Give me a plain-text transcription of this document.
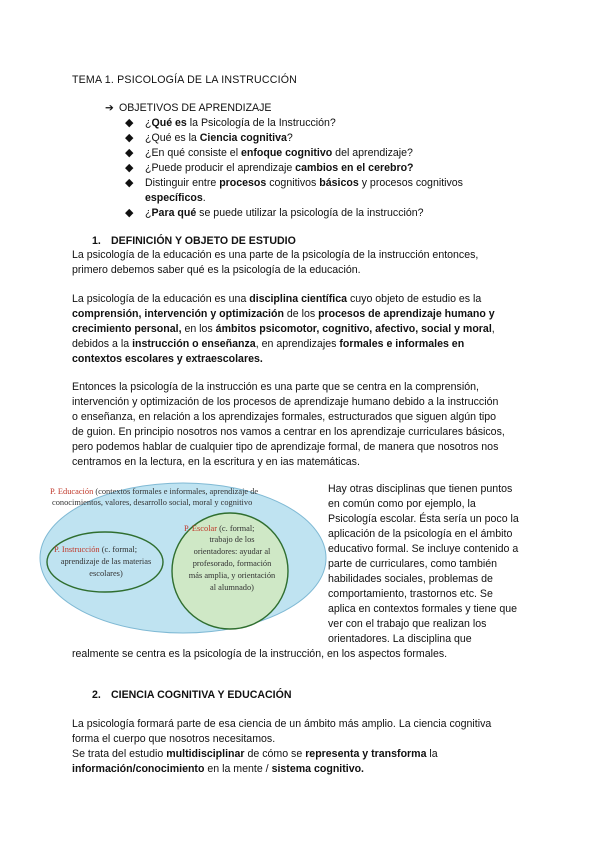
TEMA 1. PSICOLOGÍA DE LA INSTRUCCIÓN

➔ OBJETIVOS DE APRENDIZAJE

◆ ¿Qué es la Psicología de la Instrucción?
◆ ¿Qué es la Ciencia cognitiva?
◆ ¿En qué consiste el enfoque cognitivo del aprendizaje?
◆ ¿Puede producir el aprendizaje cambios en el cerebro?
◆ Distinguir entre procesos cognitivos básicos y procesos cognitivos
específicos.
◆ ¿Para qué se puede utilizar la psicología de la instrucción?

1. DEFINICIÓN Y OBJETO DE ESTUDIO

La psicología de la educación es una parte de la psicología de la instrucción entonces,
primero debemos saber qué es la psicología de la educación.
La psicología de la educación es una disciplina científica cuyo objeto de estudio es la
comprensión, intervención y optimización de los procesos de aprendizaje humano y
crecimiento personal, en los ámbitos psicomotor, cognitivo, afectivo, social y moral,
debidos a la instrucción o enseñanza, en aprendizajes formales e informales en
contextos escolares y extraescolares.
Entonces la psicología de la instrucción es una parte que se centra en la comprensión,
intervención y optimización de los procesos de aprendizaje humano debido a la instrucción
o enseñanza, en relación a los aprendizajes formales, estructurados que siguen algún tipo
de guion. En principio nosotros nos vamos a centrar en los aprendizaje curriculares básicos,
pero podemos hablar de cualquier tipo de aprendizaje formal, de manera que nosotros nos
centramos en la lectura, en la escritura y en ias matemáticas.
P. Educación (contextos formales e informales, aprendizaje de
conocimientos, valores, desarrollo social, moral y cognitivo
P. Instrucción (c. formal;
aprendizaje de las materias
escolares)
P. Escolar (c. formal;
trabajo de los
orientadores: ayudar al
profesorado, formación
más amplia, y orientación
al alumnado)
Hay otras disciplinas que tienen puntos
en común como por ejemplo, la
Psicología escolar. Ésta sería un poco la
aplicación de la psicología en el ámbito
educativo formal. Se incluye contenido a
parte de curriculares, como también
habilidades sociales, problemas de
comportamiento, trastornos etc. Se
aplica en contextos formales y tiene que
ver con el trabajo que realizan los
orientadores. La disciplina que
realmente se centra es la psicología de la instrucción, en los aspectos formales.

2. CIENCIA COGNITIVA Y EDUCACIÓN

La psicología formará parte de esa ciencia de un ámbito más amplio. La ciencia cognitiva
forma el cuerpo que nosotros necesitamos.
Se trata del estudio multidisciplinar de cómo se representa y transforma la
información/conocimiento en la mente / sistema cognitivo.
